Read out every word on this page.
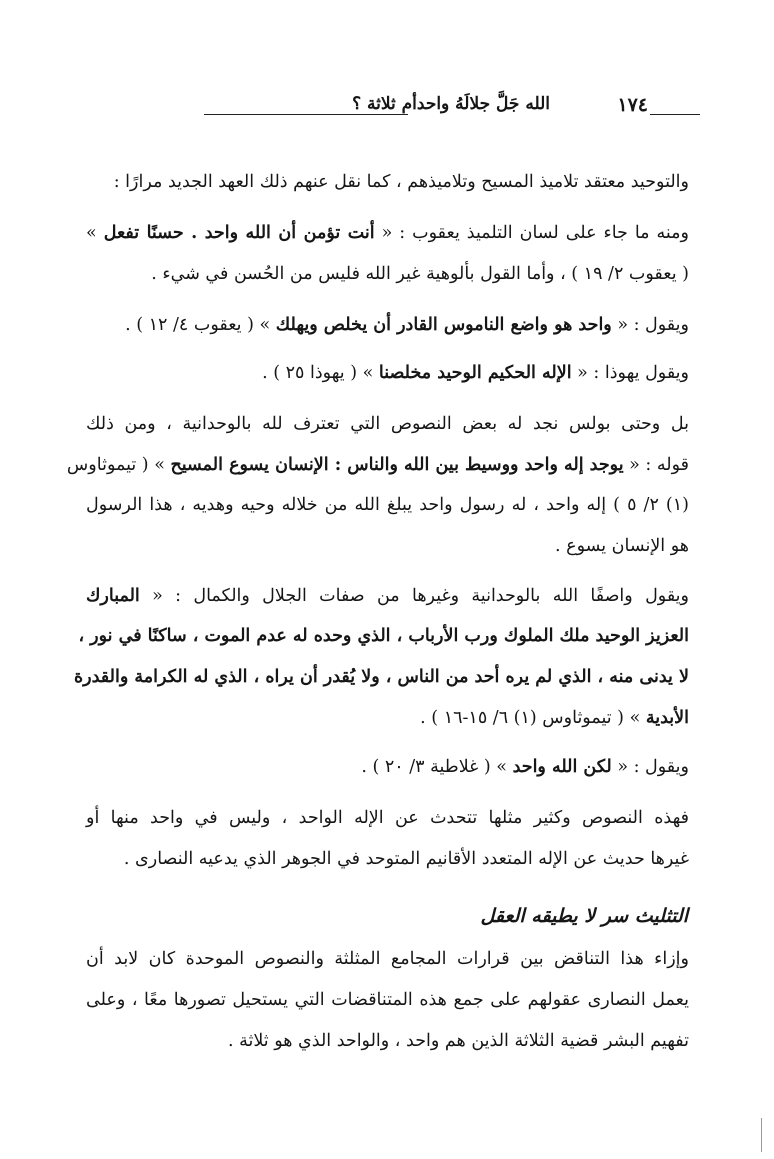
الله جَلَّ جلالَهُ واحدأم ثلاثة ؟	١٧٤
والتوحيد معتقد تلاميذ المسيح وتلاميذهم ، كما نقل عنهم ذلك العهد الجديد مرارًا :
ومنه ما جاء على لسان التلميذ يعقوب : « أنت تؤمن أن الله واحد . حسنًا تفعل »
( يعقوب ٢/ ١٩ ) ، وأما القول بألوهية غير الله فليس من الحُسن في شيء .
ويقول : « واحد هو واضع الناموس القادر أن يخلص ويهلك » ( يعقوب ٤/ ١٢ ) .
ويقول يهوذا : « الإله الحكيم الوحيد مخلصنا » ( يهوذا ٢٥ ) .
بل وحتى بولس نجد له بعض النصوص التي تعترف لله بالوحدانية ، ومن ذلك
قوله : « يوجد إله واحد ووسيط بين الله والناس : الإنسان يسوع المسيح » ( تيموثاوس
(١) ٢/ ٥ ) إله واحد ، له رسول واحد يبلغ الله من خلاله وحيه وهديه ، هذا الرسول
هو الإنسان يسوع .
ويقول واصفًا الله بالوحدانية وغيرها من صفات الجلال والكمال : « المبارك
العزيز الوحيد ملك الملوك ورب الأرباب ، الذي وحده له عدم الموت ، ساكنًا في نور ،
لا يدنى منه ، الذي لم يره أحد من الناس ، ولا يُقدر أن يراه ، الذي له الكرامة والقدرة
الأبدية » ( تيموثاوس (١) ٦/ ١٥-١٦ ) .
ويقول : « لكن الله واحد » ( غلاطية ٣/ ٢٠ ) .
فهذه النصوص وكثير مثلها تتحدث عن الإله الواحد ، وليس في واحد منها أو
غيرها حديث عن الإله المتعدد الأقانيم المتوحد في الجوهر الذي يدعيه النصارى .
التثليث سر لا يطيقه العقل
وإزاء هذا التناقض بين قرارات المجامع المثلثة والنصوص الموحدة كان لابد أن
يعمل النصارى عقولهم على جمع هذه المتناقضات التي يستحيل تصورها معًا ، وعلى
تفهيم البشر قضية الثلاثة الذين هم واحد ، والواحد الذي هو ثلاثة .
